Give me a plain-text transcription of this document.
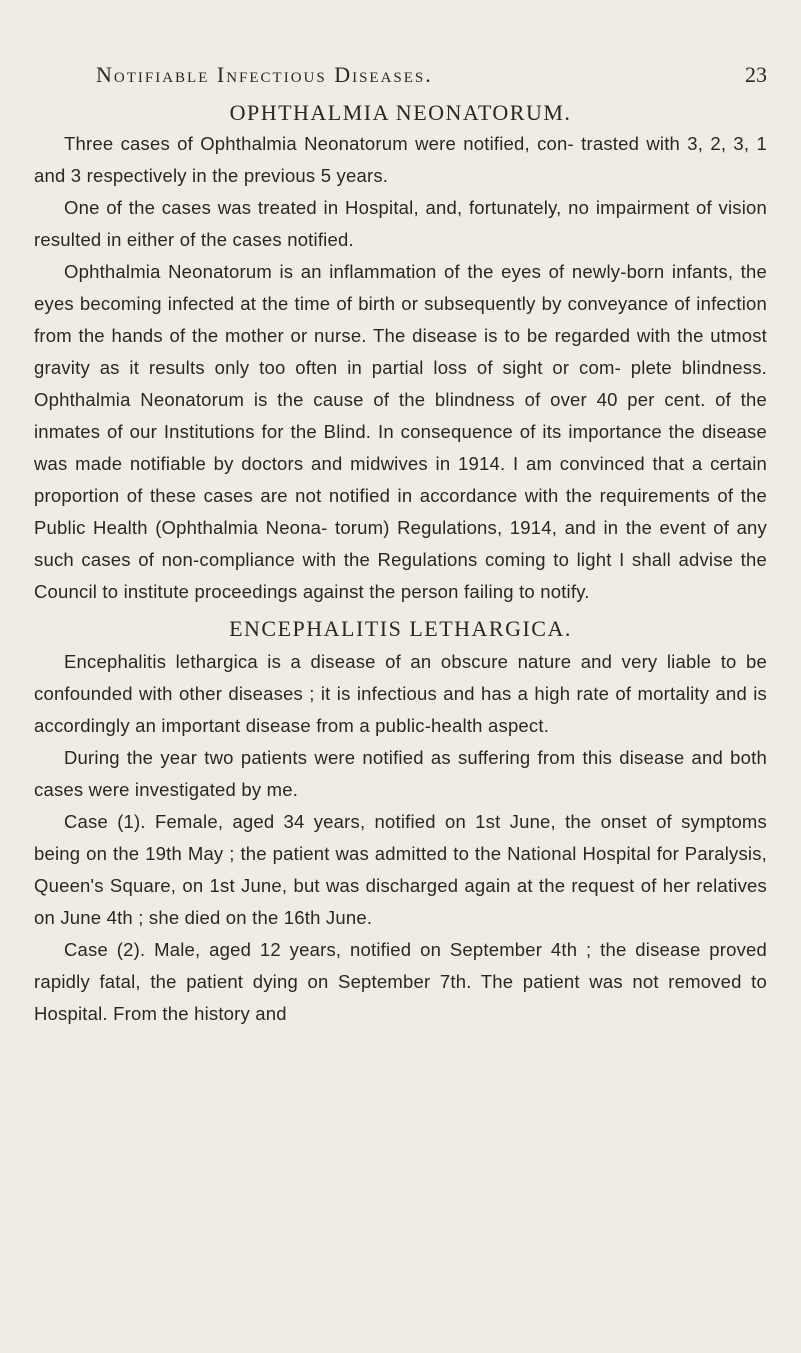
Notifiable Infectious Diseases.	23
OPHTHALMIA NEONATORUM.

Three cases of Ophthalmia Neonatorum were notified, con- trasted with 3, 2, 3, 1 and 3 respectively in the previous 5 years.

One of the cases was treated in Hospital, and, fortunately, no impairment of vision resulted in either of the cases notified.

Ophthalmia Neonatorum is an inflammation of the eyes of newly-born infants, the eyes becoming infected at the time of birth or subsequently by conveyance of infection from the hands of the mother or nurse. The disease is to be regarded with the utmost gravity as it results only too often in partial loss of sight or com- plete blindness. Ophthalmia Neonatorum is the cause of the blindness of over 40 per cent. of the inmates of our Institutions for the Blind. In consequence of its importance the disease was made notifiable by doctors and midwives in 1914. I am convinced that a certain proportion of these cases are not notified in accordance with the requirements of the Public Health (Ophthalmia Neona- torum) Regulations, 1914, and in the event of any such cases of non-compliance with the Regulations coming to light I shall advise the Council to institute proceedings against the person failing to notify.

ENCEPHALITIS LETHARGICA.

Encephalitis lethargica is a disease of an obscure nature and very liable to be confounded with other diseases ; it is infectious and has a high rate of mortality and is accordingly an important disease from a public-health aspect.

During the year two patients were notified as suffering from this disease and both cases were investigated by me.

Case (1). Female, aged 34 years, notified on 1st June, the onset of symptoms being on the 19th May ; the patient was admitted to the National Hospital for Paralysis, Queen's Square, on 1st June, but was discharged again at the request of her relatives on June 4th ; she died on the 16th June.

Case (2). Male, aged 12 years, notified on September 4th ; the disease proved rapidly fatal, the patient dying on September 7th. The patient was not removed to Hospital. From the history and
